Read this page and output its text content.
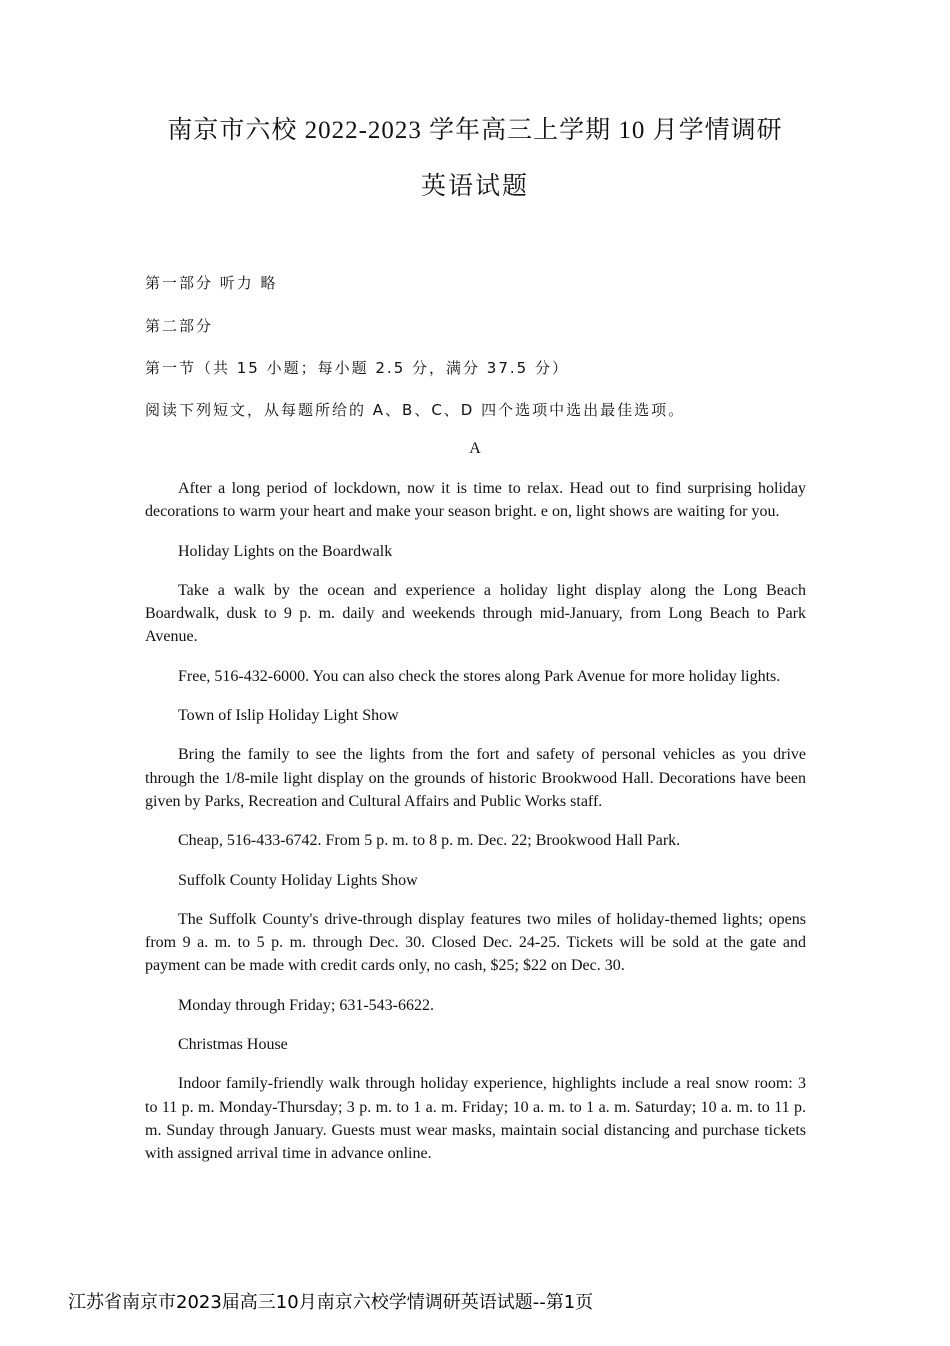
南京市六校 2022-2023 学年高三上学期 10 月学情调研
英语试题
第一部分 听力 略
第二部分
第一节（共 15 小题；每小题 2.5 分，满分 37.5 分）
阅读下列短文，从每题所给的 A、B、C、D 四个选项中选出最佳选项。
A

After a long period of lockdown, now it is time to relax. Head out to find surprising holiday decorations to warm your heart and make your season bright. e on, light shows are waiting for you.

Holiday Lights on the Boardwalk

Take a walk by the ocean and experience a holiday light display along the Long Beach Boardwalk, dusk to 9 p. m. daily and weekends through mid-January, from Long Beach to Park Avenue.

Free, 516-432-6000. You can also check the stores along Park Avenue for more holiday lights.

Town of Islip Holiday Light Show

Bring the family to see the lights from the fort and safety of personal vehicles as you drive through the 1/8-mile light display on the grounds of historic Brookwood Hall. Decorations have been given by Parks, Recreation and Cultural Affairs and Public Works staff.

Cheap, 516-433-6742. From 5 p. m. to 8 p. m. Dec. 22; Brookwood Hall Park.

Suffolk County Holiday Lights Show

The Suffolk County's drive-through display features two miles of holiday-themed lights; opens from 9 a. m. to 5 p. m. through Dec. 30. Closed Dec. 24-25. Tickets will be sold at the gate and payment can be made with credit cards only, no cash, $25; $22 on Dec. 30.

Monday through Friday; 631-543-6622.

Christmas House

Indoor family-friendly walk through holiday experience, highlights include a real snow room: 3 to 11 p. m. Monday-Thursday; 3 p. m. to 1 a. m. Friday; 10 a. m. to 1 a. m. Saturday; 10 a. m. to 11 p. m. Sunday through January. Guests must wear masks, maintain social distancing and purchase tickets with assigned arrival time in advance online.

江苏省南京市2023届高三10月南京六校学情调研英语试题--第1页
